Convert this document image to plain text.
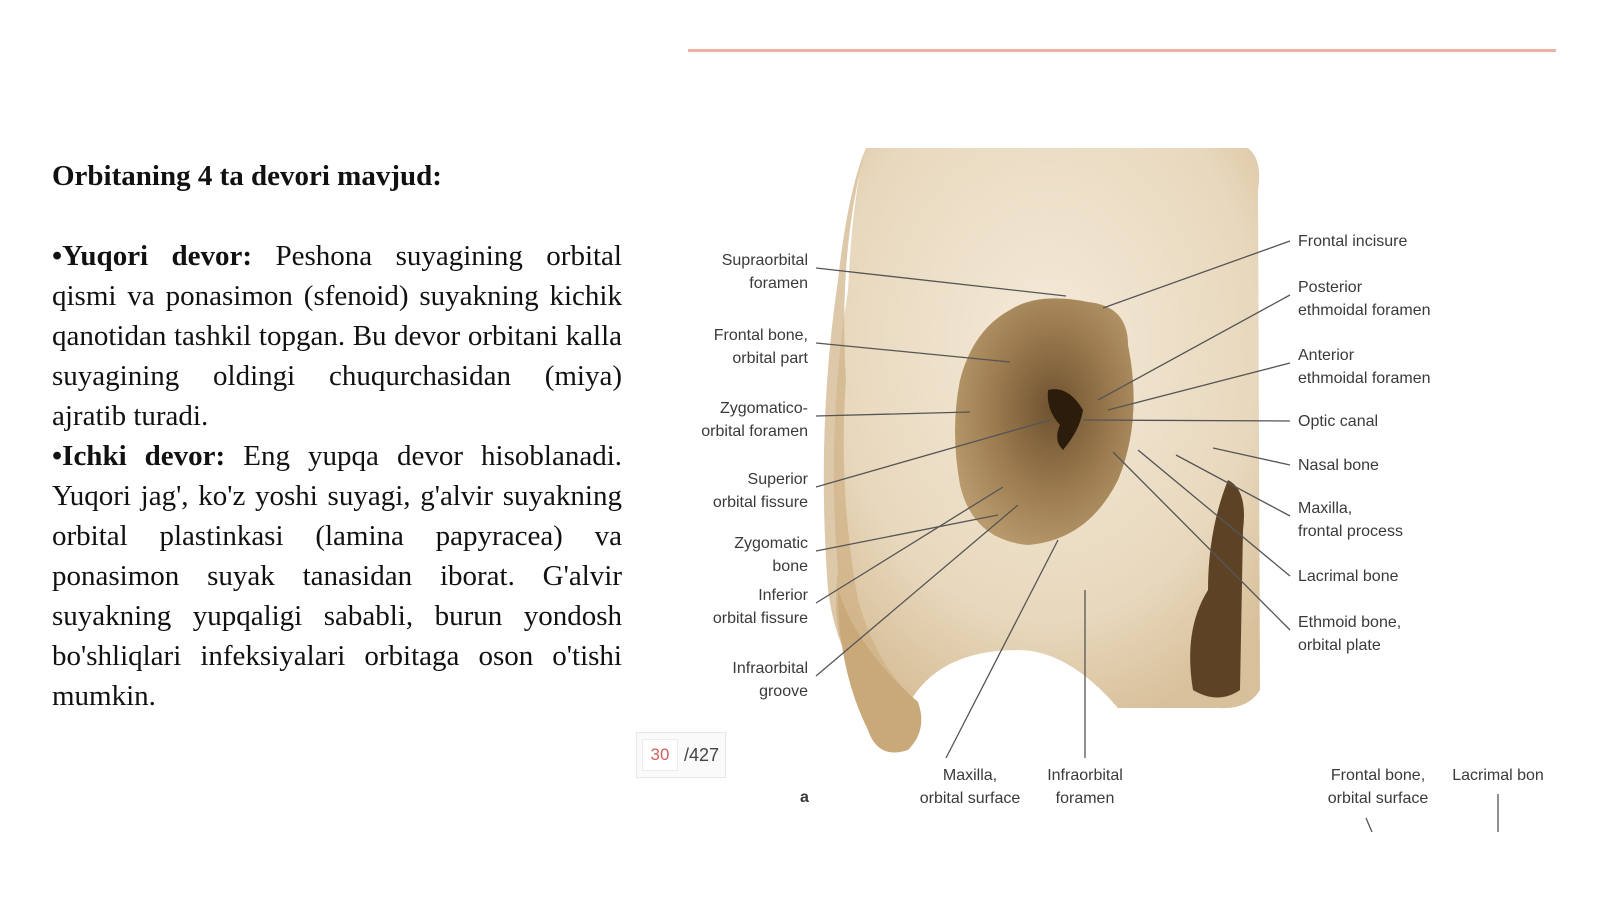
Orbitaning 4 ta devori mavjud:

•Yuqori devor: Peshona suyagining orbital qismi va ponasimon (sfenoid) suyakning kichik qanotidan tashkil topgan. Bu devor orbitani kalla suyagining oldingi chuqurchasidan (miya) ajratib turadi.

•Ichki devor: Eng yupqa devor hisoblanadi. Yuqori jag', ko'z yoshi suyagi, g'alvir suyakning orbital plastinkasi (lamina papyracea) va ponasimon suyak tanasidan iborat. G'alvir suyakning yupqaligi sababli, burun yondosh bo'shliqlari infeksiyalari orbitaga oson o'tishi mumkin.

30 /427
Supraorbital foramen
Frontal bone, orbital part
Zygomatico-orbital foramen
Superior orbital fissure
Zygomatic bone
Inferior orbital fissure
Infraorbital groove
Frontal incisure
Posterior ethmoidal foramen
Anterior ethmoidal foramen
Optic canal
Nasal bone
Maxilla, frontal process
Lacrimal bone
Ethmoid bone, orbital plate
Maxilla, orbital surface
Infraorbital foramen
Frontal bone, orbital surface
Lacrimal bon
a
